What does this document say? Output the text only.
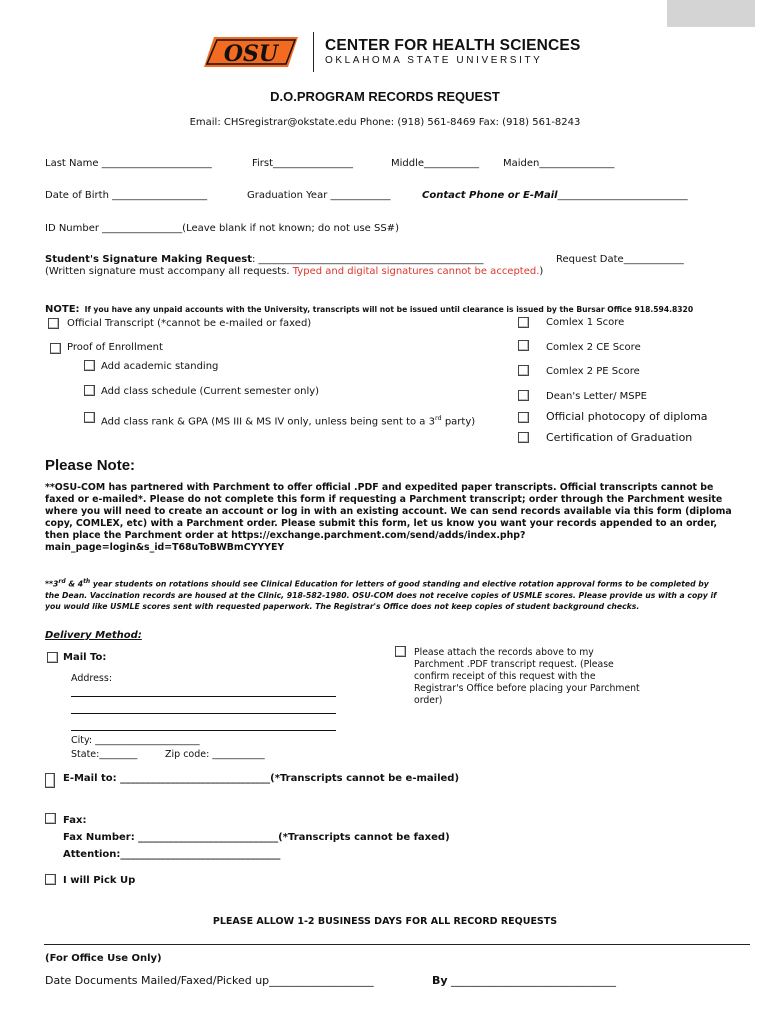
OSU	CENTER FOR HEALTH SCIENCES
OKLAHOMA STATE UNIVERSITY
D.O.PROGRAM RECORDS REQUEST
Email: CHSregistrar@okstate.edu Phone: (918) 561-8469 Fax: (918) 561-8243
Last Name ______________________	First________________	Middle___________ Maiden_______________
Date of Birth ___________________	Graduation Year ____________	Contact Phone or E-Mail__________________________
ID Number ________________(Leave blank if not known; do not use SS#)
Student's Signature Making Request: _____________________________________________	Request Date____________
(Written signature must accompany all requests. Typed and digital signatures cannot be accepted.)
NOTE: If you have any unpaid accounts with the University, transcripts will not be issued until clearance is issued by the Bursar Office 918.594.8320
Official Transcript (*cannot be e-mailed or faxed)
Proof of Enrollment
Add academic standing
Add class schedule (Current semester only)
Add class rank & GPA (MS III & MS IV only, unless being sent to a 3rd party)
Comlex 1 Score
Comlex 2 CE Score
Comlex 2 PE Score
Dean's Letter/ MSPE
Official photocopy of diploma
Certification of Graduation
Please Note:
**OSU-COM has partnered with Parchment to offer official .PDF and expedited paper transcripts. Official transcripts cannot be faxed or e-mailed*. Please do not complete this form if requesting a Parchment transcript; order through the Parchment wesite where you will need to create an account or log in with an existing account. We can send records available via this form (diploma copy, COMLEX, etc) with a Parchment order. Please submit this form, let us know you want your records appended to an order, then place the Parchment order at https://exchange.parchment.com/send/adds/index.php?main_page=login&s_id=T68uToBWBmCYYYEY
**3rd & 4th year students on rotations should see Clinical Education for letters of good standing and elective rotation approval forms to be completed by the Dean. Vaccination records are housed at the Clinic, 918-582-1980. OSU-COM does not receive copies of USMLE scores. Please provide us with a copy if you would like USMLE scores sent with requested paperwork. The Registrar's Office does not keep copies of student background checks.
Delivery Method:
Mail To:
Address:
City: ______________________
State:________	Zip code: ___________
Please attach the records above to my Parchment .PDF transcript request. (Please confirm receipt of this request with the Registrar's Office before placing your Parchment order)
E-Mail to: ______________________________(*Transcripts cannot be e-mailed)
Fax:
Fax Number: ____________________________(*Transcripts cannot be faxed)
Attention:________________________________
I will Pick Up
PLEASE ALLOW 1-2 BUSINESS DAYS FOR ALL RECORD REQUESTS
(For Office Use Only)
Date Documents Mailed/Faxed/Picked up___________________	By ______________________________
